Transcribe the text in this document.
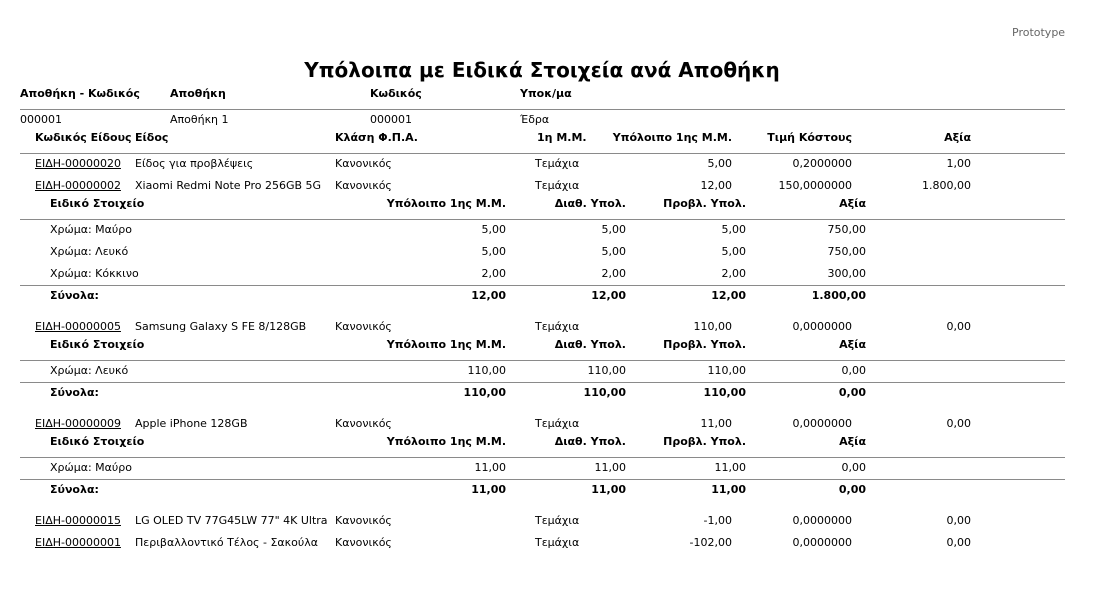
Prototype
Υπόλοιπα με Ειδικά Στοιχεία ανά Αποθήκη
Αποθήκη - Κωδικός	Αποθήκη	Κωδικός	Υποκ/μα
000001	Αποθήκη 1	000001	Έδρα
Κωδικός Είδους Είδος	Κλάση Φ.Π.Α.	1η Μ.Μ.	Υπόλοιπο 1ης Μ.Μ.	Τιμή Κόστους	Αξία
ΕΙΔΗ-00000020 Είδος για προβλέψεις	Κανονικός	Τεμάχια	5,00	0,2000000	1,00
ΕΙΔΗ-00000002 Xiaomi Redmi Note Pro 256GB 5G Κανονικός	Τεμάχια	12,00	150,0000000	1.800,00
Ειδικό Στοιχείο	Υπόλοιπο 1ης Μ.Μ.	Διαθ. Υπολ.	Προβλ. Υπολ.	Αξία
Χρώμα: Μαύρο	5,00	5,00	5,00	750,00
Χρώμα: Λευκό	5,00	5,00	5,00	750,00
Χρώμα: Κόκκινο	2,00	2,00	2,00	300,00
Σύνολα:	12,00	12,00	12,00	1.800,00
ΕΙΔΗ-00000005 Samsung Galaxy S FE 8/128GB	Κανονικός	Τεμάχια	110,00	0,0000000	0,00
Ειδικό Στοιχείο	Υπόλοιπο 1ης Μ.Μ.	Διαθ. Υπολ.	Προβλ. Υπολ.	Αξία
Χρώμα: Λευκό	110,00	110,00	110,00	0,00
Σύνολα:	110,00	110,00	110,00	0,00
ΕΙΔΗ-00000009 Apple iPhone 128GB	Κανονικός	Τεμάχια	11,00	0,0000000	0,00
Ειδικό Στοιχείο	Υπόλοιπο 1ης Μ.Μ.	Διαθ. Υπολ.	Προβλ. Υπολ.	Αξία
Χρώμα: Μαύρο	11,00	11,00	11,00	0,00
Σύνολα:	11,00	11,00	11,00	0,00
ΕΙΔΗ-00000015 LG OLED TV 77G45LW 77" 4K Ultra Κανονικός	Τεμάχια	-1,00	0,0000000	0,00
ΕΙΔΗ-00000001 Περιβαλλοντικό Τέλος - Σακούλα Κανονικός	Τεμάχια	-102,00	0,0000000	0,00
